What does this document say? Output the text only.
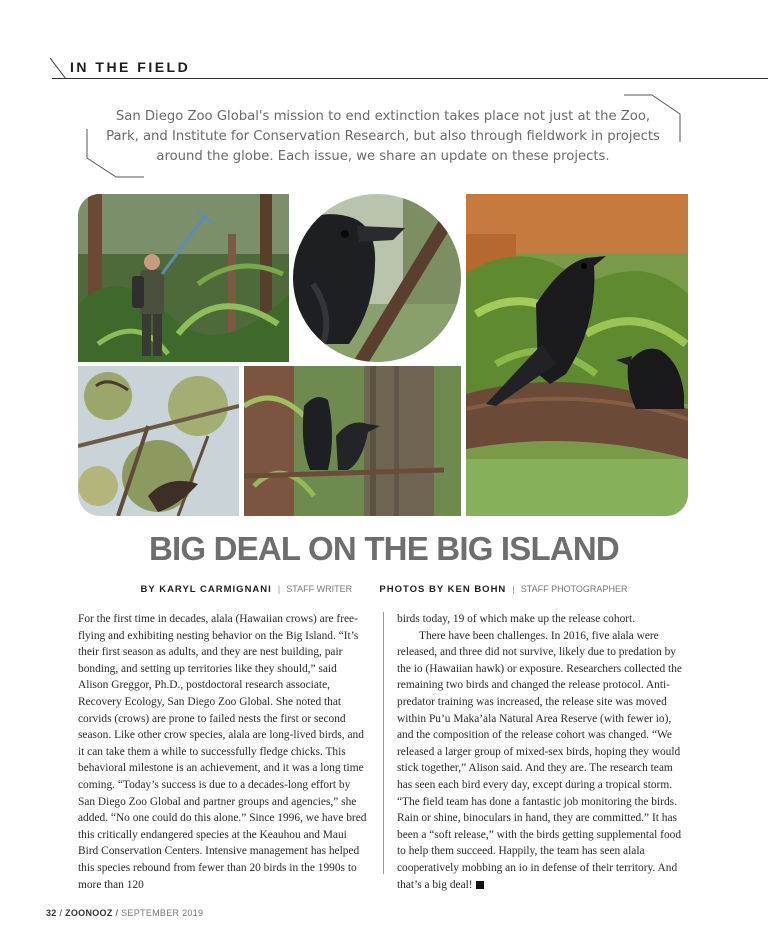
IN THE FIELD
San Diego Zoo Global's mission to end extinction takes place not just at the Zoo, Park, and Institute for Conservation Research, but also through fieldwork in projects around the globe. Each issue, we share an update on these projects.
BIG DEAL ON THE BIG ISLAND
BY KARYL CARMIGNANI | STAFF WRITER	PHOTOS BY KEN BOHN | STAFF PHOTOGRAPHER

For the first time in decades, alala (Hawaiian crows) are free-flying and exhibiting nesting behavior on the Big Island. “It’s their first season as adults, and they are nest building, pair bonding, and setting up territories like they should,” said Alison Greggor, Ph.D., postdoctoral research associate, Recovery Ecology, San Diego Zoo Global. She noted that corvids (crows) are prone to failed nests the first or second season. Like other crow species, alala are long-lived birds, and it can take them a while to successfully fledge chicks. This behavioral milestone is an achievement, and it was a long time coming. “Today’s success is due to a decades-long effort by San Diego Zoo Global and partner groups and agencies,” she added. “No one could do this alone.” Since 1996, we have bred this critically endangered species at the Keauhou and Maui Bird Conservation Centers. Intensive management has helped this species rebound from fewer than 20 birds in the 1990s to more than 120

birds today, 19 of which make up the release cohort.

There have been challenges. In 2016, five alala were released, and three did not survive, likely due to predation by the io (Hawaiian hawk) or exposure. Researchers collected the remaining two birds and changed the release protocol. Anti-predator training was increased, the release site was moved within Pu’u Maka’ala Natural Area Reserve (with fewer io), and the composition of the release cohort was changed. “We released a larger group of mixed-sex birds, hoping they would stick together,” Alison said. And they are. The research team has seen each bird every day, except during a tropical storm. “The field team has done a fantastic job monitoring the birds. Rain or shine, binoculars in hand, they are committed.” It has been a “soft release,” with the birds getting supplemental food to help them succeed. Happily, the team has seen alala cooperatively mobbing an io in defense of their territory. And that’s a big deal!

32 / ZOONOOZ / SEPTEMBER 2019
